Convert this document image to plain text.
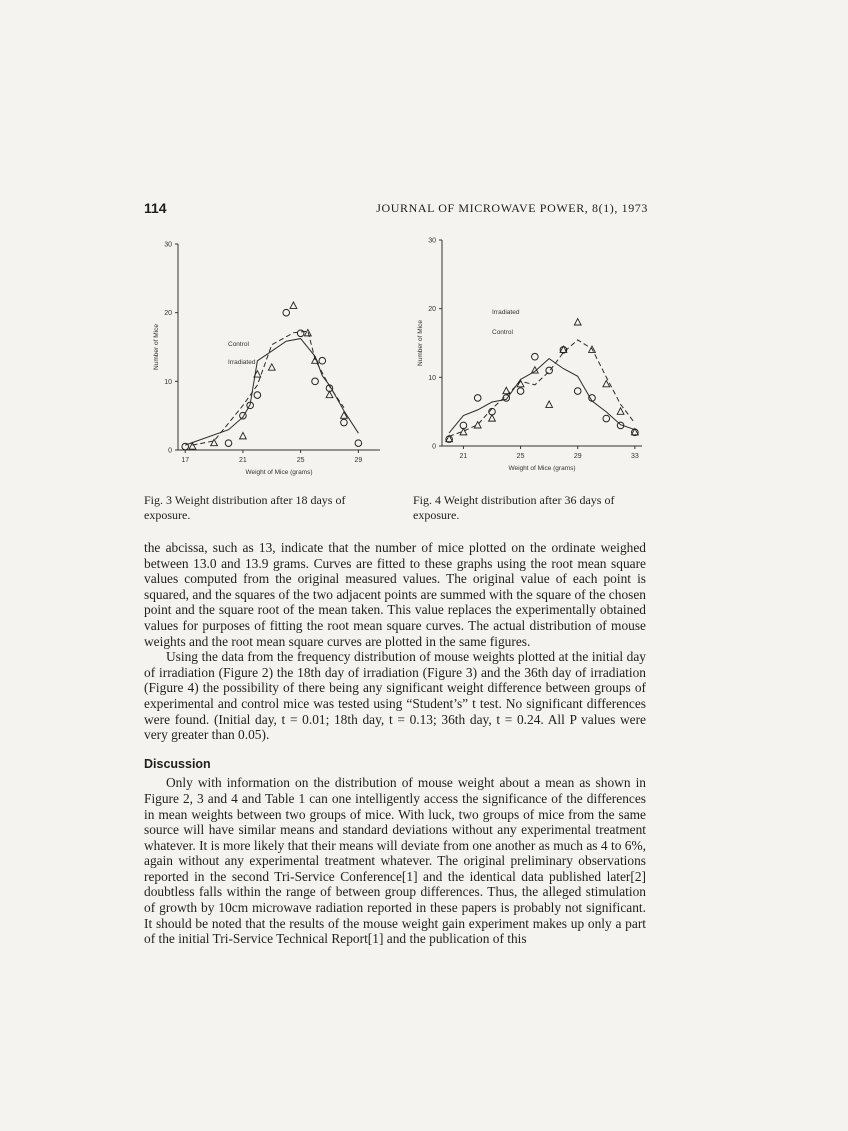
114	JOURNAL OF MICROWAVE POWER, 8(1), 1973
0
10
20
30
17	21	25	29
Weight of Mice (grams)
Number of Mice	Control
Irradiated
Fig. 3 Weight distribution after 18 days of exposure.
0
10
20
30
21	25	29	33
Weight of Mice (grams)
Number of Mice
Irradiated
Control
Fig. 4 Weight distribution after 36 days of exposure.

the abcissa, such as 13, indicate that the number of mice plotted on the ordinate weighed between 13.0 and 13.9 grams. Curves are fitted to these graphs using the root mean square values computed from the original measured values. The original value of each point is squared, and the squares of the two adjacent points are summed with the square of the chosen point and the square root of the mean taken. This value replaces the experimentally obtained values for purposes of fitting the root mean square curves. The actual distribution of mouse weights and the root mean square curves are plotted in the same figures.

Using the data from the frequency distribution of mouse weights plotted at the initial day of irradiation (Figure 2) the 18th day of irradiation (Figure 3) and the 36th day of irradiation (Figure 4) the possibility of there being any significant weight difference between groups of experimental and control mice was tested using “Student’s” t test. No significant differences were found. (Initial day, t = 0.01; 18th day, t = 0.13; 36th day, t = 0.24. All P values were very greater than 0.05).

Discussion

Only with information on the distribution of mouse weight about a mean as shown in Figure 2, 3 and 4 and Table 1 can one intelligently access the significance of the differences in mean weights between two groups of mice. With luck, two groups of mice from the same source will have similar means and standard deviations without any experimental treatment whatever. It is more likely that their means will deviate from one another as much as 4 to 6%, again without any experimental treatment whatever. The original preliminary observations reported in the second Tri-Service Conference[1] and the identical data published later[2] doubtless falls within the range of between group differences. Thus, the alleged stimulation of growth by 10cm microwave radiation reported in these papers is probably not significant. It should be noted that the results of the mouse weight gain experiment makes up only a part of the initial Tri-Service Technical Report[1] and the publication of this
